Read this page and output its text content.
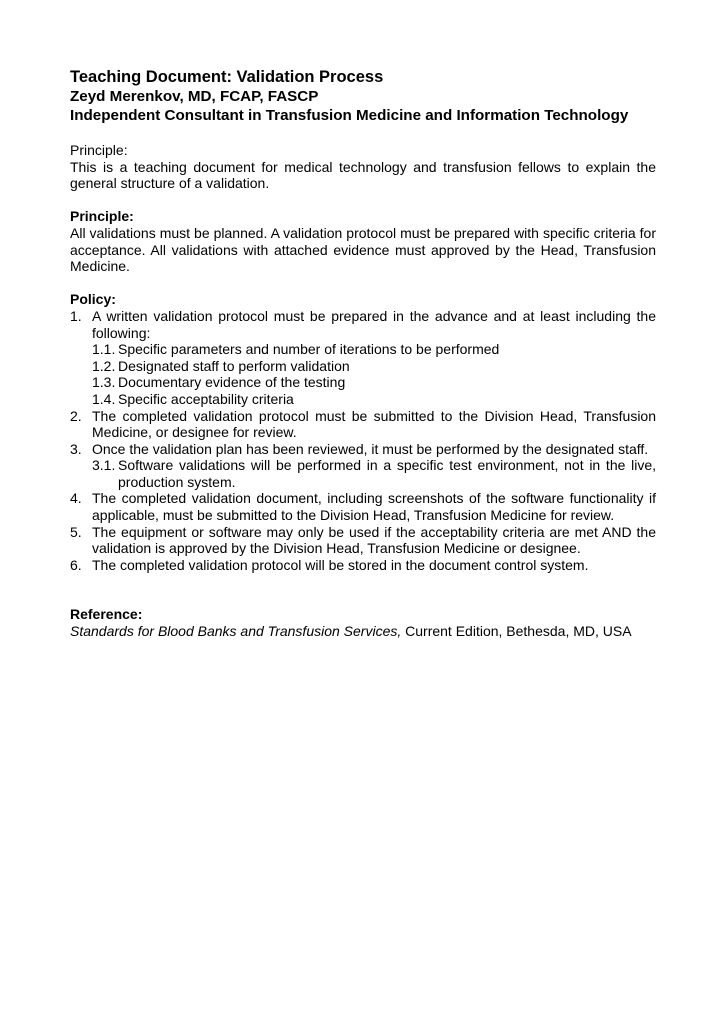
Teaching Document: Validation Process

Zeyd Merenkov, MD, FCAP, FASCP

Independent Consultant in Transfusion Medicine and Information Technology

Principle:

This is a teaching document for medical technology and transfusion fellows to explain the general structure of a validation.

Principle:

All validations must be planned. A validation protocol must be prepared with specific criteria for acceptance. All validations with attached evidence must approved by the Head, Transfusion Medicine.

Policy:
1. A written validation protocol must be prepared in the advance and at least including the following:
1.1. Specific parameters and number of iterations to be performed
1.2. Designated staff to perform validation
1.3. Documentary evidence of the testing
1.4. Specific acceptability criteria
2. The completed validation protocol must be submitted to the Division Head, Transfusion Medicine, or designee for review.
3. Once the validation plan has been reviewed, it must be performed by the designated staff.
3.1. Software validations will be performed in a specific test environment, not in the live, production system.
4. The completed validation document, including screenshots of the software functionality if applicable, must be submitted to the Division Head, Transfusion Medicine for review.
5. The equipment or software may only be used if the acceptability criteria are met AND the validation is approved by the Division Head, Transfusion Medicine or designee.
6. The completed validation protocol will be stored in the document control system.
Reference:

Standards for Blood Banks and Transfusion Services, Current Edition, Bethesda, MD, USA
